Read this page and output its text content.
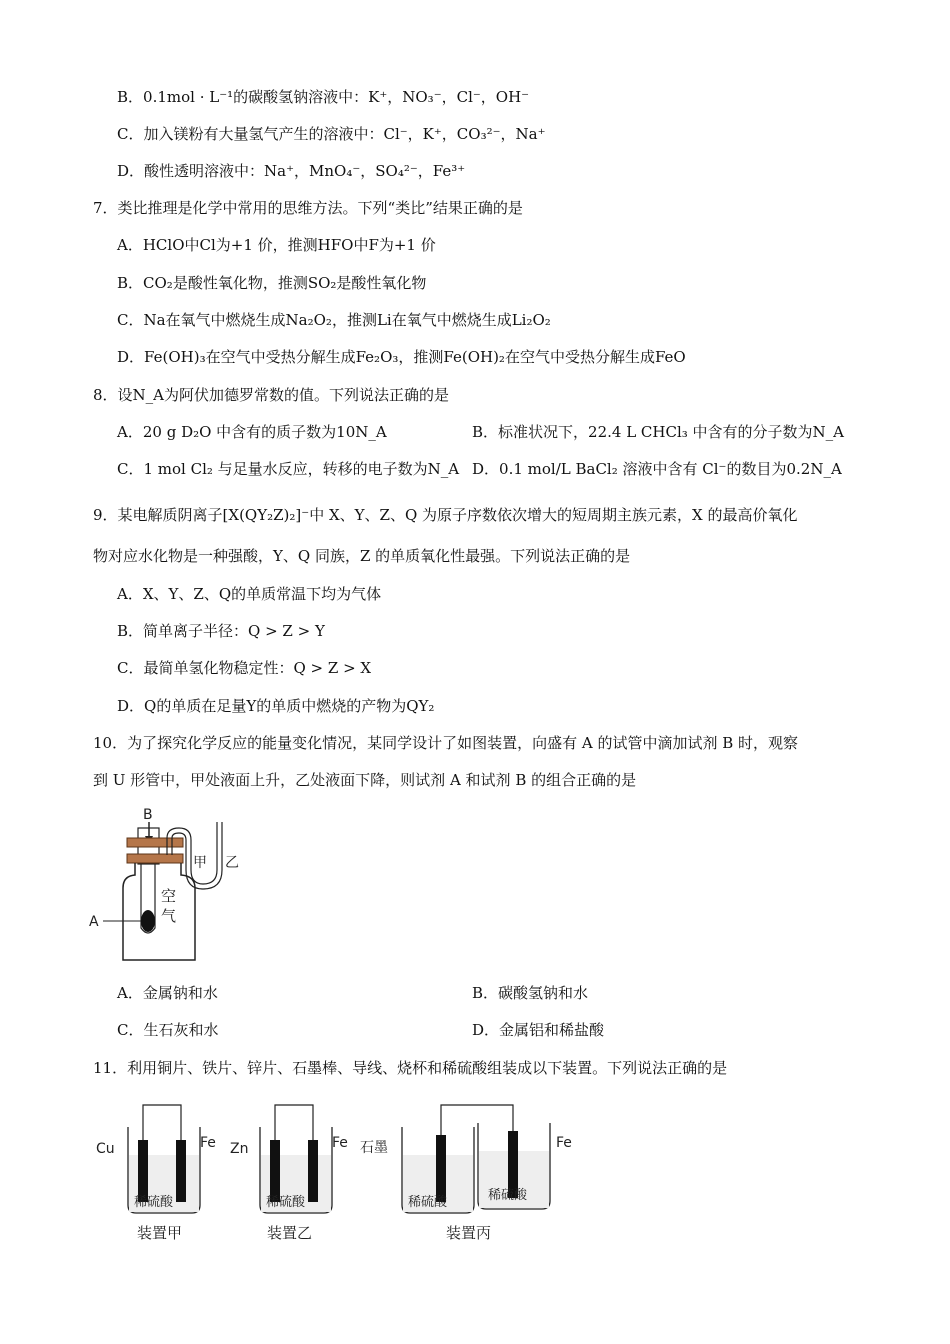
B．0.1mol · L⁻¹的碳酸氢钠溶液中：K⁺，NO₃⁻，Cl⁻，OH⁻
C．加入镁粉有大量氢气产生的溶液中：Cl⁻，K⁺，CO₃²⁻，Na⁺
D．酸性透明溶液中：Na⁺，MnO₄⁻，SO₄²⁻，Fe³⁺
7．类比推理是化学中常用的思维方法。下列“类比”结果正确的是
A．HClO中Cl为+1 价，推测HFO中F为+1 价
B．CO₂是酸性氧化物，推测SO₂是酸性氧化物
C．Na在氧气中燃烧生成Na₂O₂，推测Li在氧气中燃烧生成Li₂O₂
D．Fe(OH)₃在空气中受热分解生成Fe₂O₃，推测Fe(OH)₂在空气中受热分解生成FeO
8．设N_A为阿伏加德罗常数的值。下列说法正确的是
A．20 g D₂O 中含有的质子数为10N_A	B．标准状况下，22.4 L CHCl₃ 中含有的分子数为N_A
C．1 mol Cl₂ 与足量水反应，转移的电子数为N_A D．0.1 mol/L BaCl₂ 溶液中含有 Cl⁻的数目为0.2N_A
9．某电解质阴离子[X(QY₂Z)₂]⁻中 X、Y、Z、Q 为原子序数依次增大的短周期主族元素，X 的最高价氧化
物对应水化物是一种强酸，Y、Q 同族，Z 的单质氧化性最强。下列说法正确的是
A．X、Y、Z、Q的单质常温下均为气体
B．简单离子半径：Q > Z > Y
C．最简单氢化物稳定性：Q > Z > X
D．Q的单质在足量Y的单质中燃烧的产物为QY₂
10．为了探究化学反应的能量变化情况，某同学设计了如图装置，向盛有 A 的试管中滴加试剂 B 时，观察
到 U 形管中，甲处液面上升，乙处液面下降，则试剂 A 和试剂 B 的组合正确的是
B
A
空
气
甲 乙
A．金属钠和水	B．碳酸氢钠和水
C．生石灰和水	D．金属铝和稀盐酸
11．利用铜片、铁片、锌片、石墨棒、导线、烧杯和稀硫酸组装成以下装置。下列说法正确的是
Cu	Fe
稀硫酸
装置甲
Zn	Fe
稀硫酸
装置乙
石墨	Fe
稀硫酸	稀硫酸
装置丙
